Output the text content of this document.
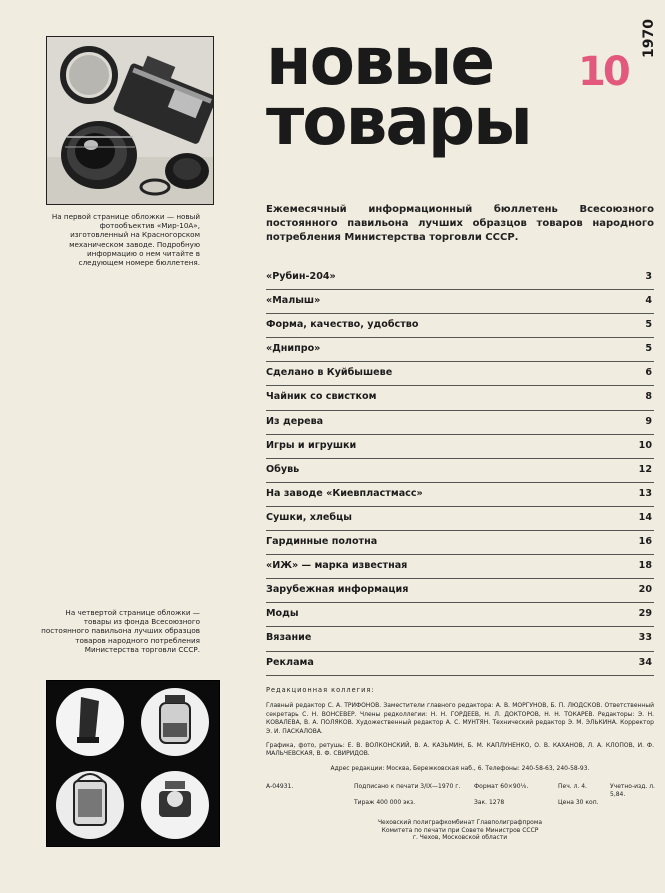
На первой странице обложки — новый фотообъектив «Мир-10А», изготовленный на Красногорском механическом заводе. Подробную информацию о нем читайте в следующем номере бюллетеня.

На четвертой странице обложки — товары из фонда Всесоюзного постоянного павильона лучших образцов товаров народного потребления Министерства торговли СССР.

новые
товары
10
1970

Ежемесячный информационный бюллетень Всесоюзного постоянного павильона лучших образцов товаров народного потребления Министерства торговли СССР.

«Рубин-204»	3
«Малыш»	4
Форма, качество, удобство	5
«Днипро»	5
Сделано в Куйбышеве	6
Чайник со свистком	8
Из дерева	9
Игры и игрушки	10
Обувь	12
На заводе «Киевпластмасс»	13
Сушки, хлебцы	14
Гардинные полотна	16
«ИЖ» — марка известная	18
Зарубежная информация	20
Моды	29
Вязание	33
Реклама	34
Редакционная коллегия:

Главный редактор С. А. ТРИФОНОВ. Заместители главного редактора: А. В. МОРГУНОВ, Б. П. ЛЮДСКОВ. Ответственный секретарь С. Н. ВОНСЕВЕР. Члены редколлегии: Н. Н. ГОРДЕЕВ, Н. Л. ДОКТОРОВ, Н. Н. ТОКАРЕВ. Редакторы: Э. Н. КОВАЛЕВА, В. А. ПОЛЯКОВ. Художественный редактор А. С. МУНТЯН. Технический редактор Э. М. ЭЛЬКИНА. Корректор Э. И. ПАСКАЛОВА.

Графика, фото, ретушь: Е. В. ВОЛКОНСКИЙ, В. А. КАЗЬМИН, Б. М. КАПЛУНЕНКО, О. В. КАХАНОВ, Л. А. КЛОПОВ, И. Ф. МАЛЬЧЕВСКАЯ, В. Ф. СВИРИДОВ.

Адрес редакции: Москва, Бережковская наб., 6. Телефоны: 240-58-63, 240-58-93.
А-04931.	Подписано к печати 3/IX—1970 г.	Формат 60×90⅛.	Печ. л. 4.	Учетно-изд. л. 5,84.
Тираж 400 000 экз.	Зак. 1278	Цена 30 коп.
Чеховский полиграфкомбинат Главполиграфпрома
Комитета по печати при Совете Министров СССР
г. Чехов, Московской области
